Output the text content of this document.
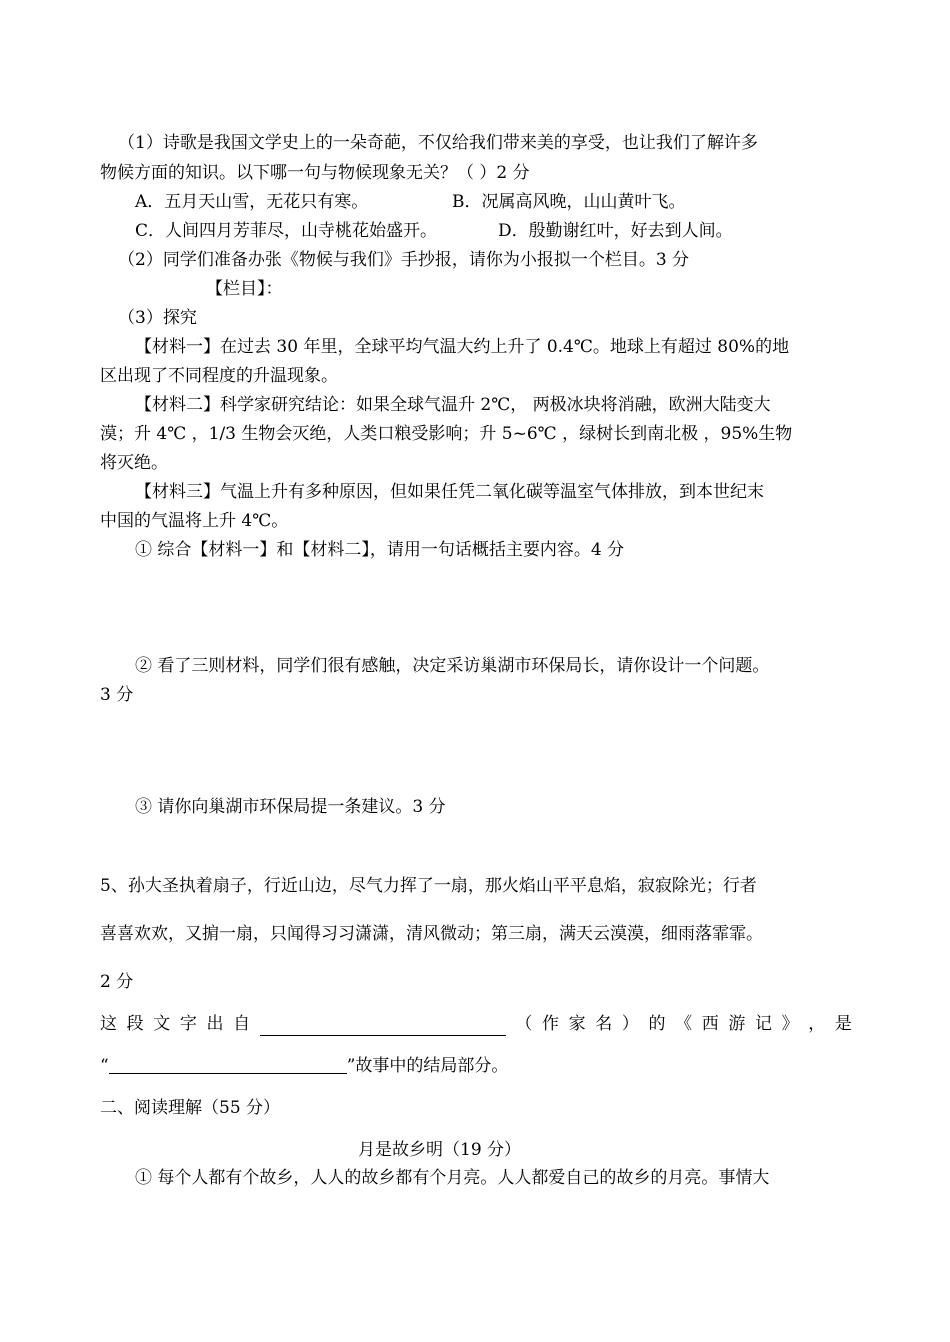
（1）诗歌是我国文学史上的一朵奇葩，不仅给我们带来美的享受，也让我们了解许多
物候方面的知识。以下哪一句与物候现象无关？（ ）2 分
A．五月天山雪，无花只有寒。	B．况属高风晚，山山黄叶飞。
C．人间四月芳菲尽，山寺桃花始盛开。	D．殷勤谢红叶，好去到人间。
（2）同学们准备办张《物候与我们》手抄报，请你为小报拟一个栏目。3 分
【栏目】：
（3）探究
【材料一】在过去 30 年里，全球平均气温大约上升了 0.4℃。地球上有超过 80%的地
区出现了不同程度的升温现象。
【材料二】科学家研究结论：如果全球气温升 2℃， 两极冰块将消融，欧洲大陆变大
漠；升 4℃ ，1/3 生物会灭绝，人类口粮受影响；升 5~6℃ ，绿树长到南北极 ，95%生物
将灭绝。
【材料三】气温上升有多种原因，但如果任凭二氧化碳等温室气体排放，到本世纪末
中国的气温将上升 4℃。
① 综合【材料一】和【材料二】，请用一句话概括主要内容。4 分
② 看了三则材料，同学们很有感触，决定采访巢湖市环保局长，请你设计一个问题。
3 分
③ 请你向巢湖市环保局提一条建议。3 分
5、孙大圣执着扇子，行近山边，尽气力挥了一扇，那火焰山平平息焰，寂寂除光；行者
喜喜欢欢，又掮一扇，只闻得习习潇潇，清风微动；第三扇，满天云漠漠，细雨落霏霏。
2 分
这 段 文 字 出 自	（ 作 家 名 ） 的 《 西 游 记 》 ， 是
“	”故事中的结局部分。
二、阅读理解（55 分）
月是故乡明（19 分）
① 每个人都有个故乡，人人的故乡都有个月亮。人人都爱自己的故乡的月亮。事情大
